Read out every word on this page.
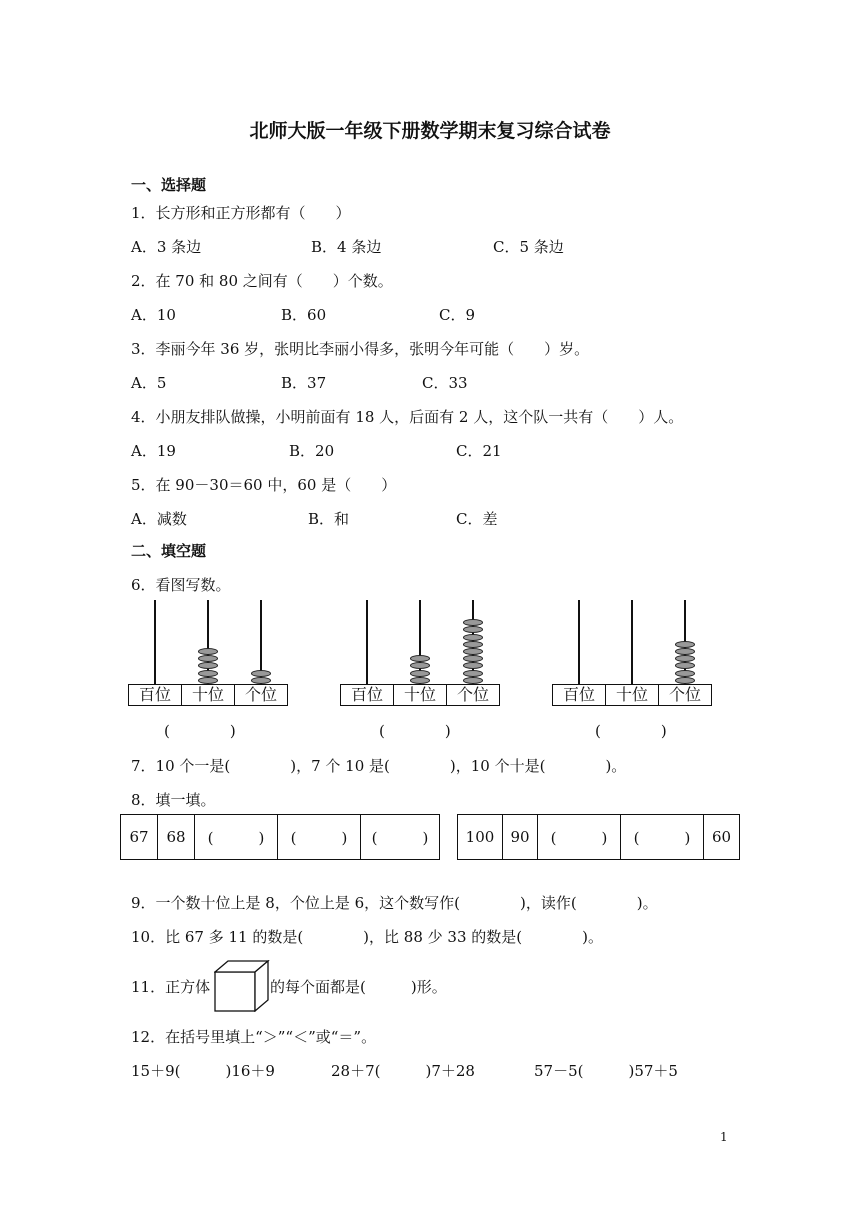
北师大版一年级下册数学期末复习综合试卷
一、选择题
1．长方形和正方形都有（　　）
A．3 条边	B．4 条边	C．5 条边
2．在 70 和 80 之间有（　　）个数。
A．10	B．60	C．9
3．李丽今年 36 岁，张明比李丽小得多，张明今年可能（　　）岁。
A．5	B．37	C．33
4．小朋友排队做操，小明前面有 18 人，后面有 2 人，这个队一共有（　　）人。
A．19	B．20	C．21
5．在 90－30＝60 中，60 是（　　）
A．减数	B．和	C．差
二、填空题
6．看图写数。
百位	十位	个位	百位	十位	个位	百位	十位	个位
(　　　　)	(　　　　)	(　　　　)
7．10 个一是(　　　　)，7 个 10 是(　　　　)，10 个十是(　　　　)。
8．填一填。
67	68	(　　　)	(　　　)	(　　　)	100	90	(　　　)	(　　　)	60
9．一个数十位上是 8，个位上是 6，这个数写作(　　　　)，读作(　　　　)。
10．比 67 多 11 的数是(　　　　)，比 88 少 33 的数是(　　　　)。
11．正方体	的每个面都是(　　　)形。
12．在括号里填上“＞”“＜”或“＝”。
15＋9(　　　)16＋9	28＋7(　　　)7＋28	57－5(　　　)57＋5
1
